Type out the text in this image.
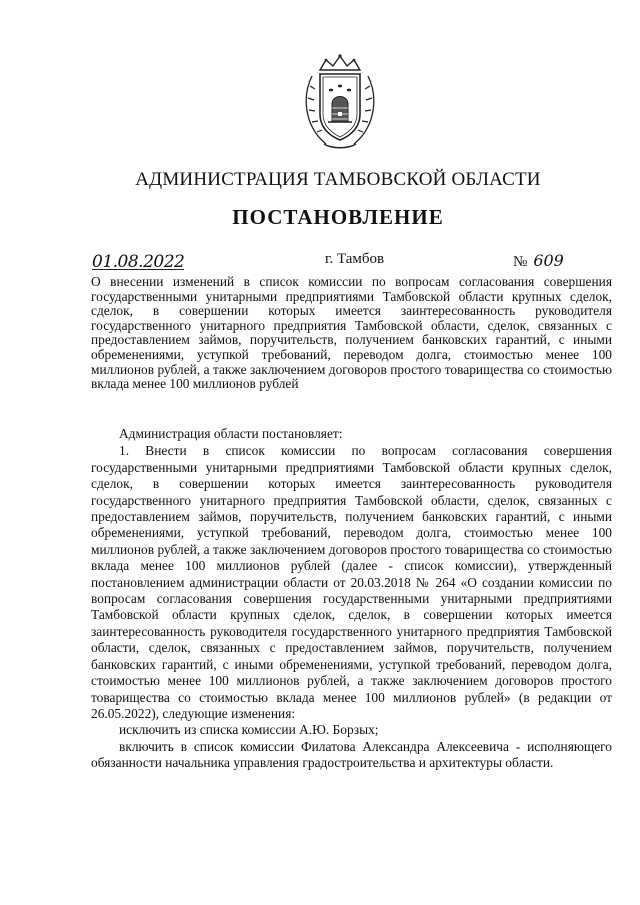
АДМИНИСТРАЦИЯ ТАМБОВСКОЙ ОБЛАСТИ
ПОСТАНОВЛЕНИЕ
01.08.2022	г. Тамбов	№ 609
О внесении изменений в список комиссии по вопросам согласования совершения государственными унитарными предприятиями Тамбовской области крупных сделок, сделок, в совершении которых имеется заинтересованность руководителя государственного унитарного предприятия Тамбовской области, сделок, связанных с предоставлением займов, поручительств, получением банковских гарантий, с иными обременениями, уступкой требований, переводом долга, стоимостью менее 100 миллионов рублей, а также заключением договоров простого товарищества со стоимостью вклада менее 100 миллионов рублей

Администрация области постановляет:

1. Внести в список комиссии по вопросам согласования совершения государственными унитарными предприятиями Тамбовской области крупных сделок, сделок, в совершении которых имеется заинтересованность руководителя государственного унитарного предприятия Тамбовской области, сделок, связанных с предоставлением займов, поручительств, получением банковских гарантий, с иными обременениями, уступкой требований, переводом долга, стоимостью менее 100 миллионов рублей, а также заключением договоров простого товарищества со стоимостью вклада менее 100 миллионов рублей (далее - список комиссии), утвержденный постановлением администрации области от 20.03.2018 № 264 «О создании комиссии по вопросам согласования совершения государственными унитарными предприятиями Тамбовской области крупных сделок, сделок, в совершении которых имеется заинтересованность руководителя государственного унитарного предприятия Тамбовской области, сделок, связанных с предоставлением займов, поручительств, получением банковских гарантий, с иными обременениями, уступкой требований, переводом долга, стоимостью менее 100 миллионов рублей, а также заключением договоров простого товарищества со стоимостью вклада менее 100 миллионов рублей» (в редакции от 26.05.2022), следующие изменения:

исключить из списка комиссии А.Ю. Борзых;

включить в список комиссии Филатова Александра Алексеевича - исполняющего обязанности начальника управления градостроительства и архитектуры области.
